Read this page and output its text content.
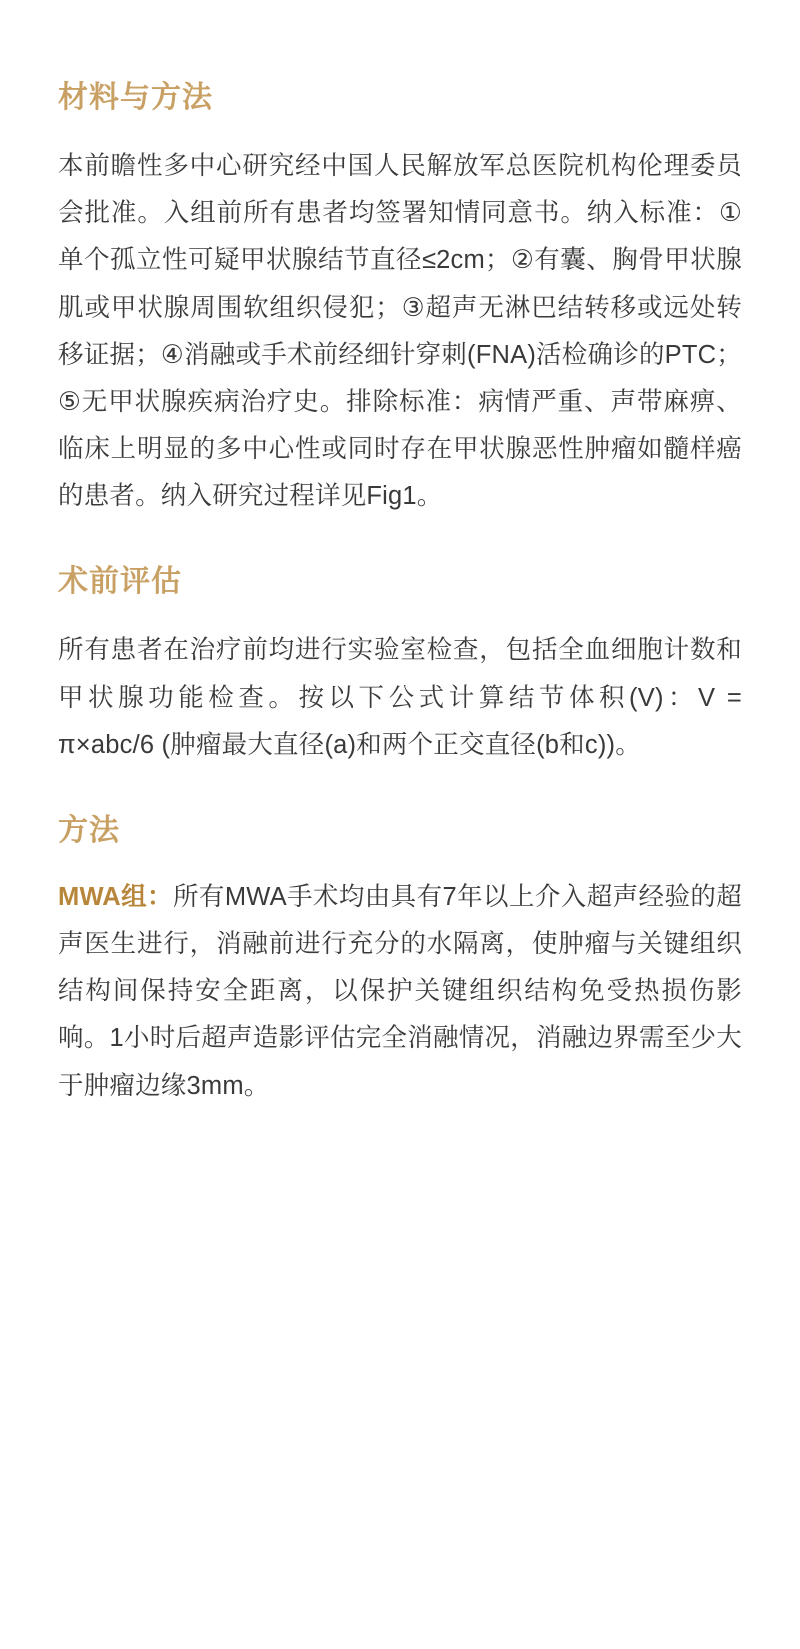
材料与方法

本前瞻性多中心研究经中国人民解放军总医院机构伦理委员会批准。入组前所有患者均签署知情同意书。纳入标准：①单个孤立性可疑甲状腺结节直径≤2cm；②有囊、胸骨甲状腺肌或甲状腺周围软组织侵犯；③超声无淋巴结转移或远处转移证据；④消融或手术前经细针穿刺(FNA)活检确诊的PTC；⑤无甲状腺疾病治疗史。排除标准：病情严重、声带麻痹、临床上明显的多中心性或同时存在甲状腺恶性肿瘤如髓样癌的患者。纳入研究过程详见Fig1。

术前评估

所有患者在治疗前均进行实验室检查，包括全血细胞计数和甲状腺功能检查。按以下公式计算结节体积(V)：V = π×abc/6 (肿瘤最大直径(a)和两个正交直径(b和c))。

方法

MWA组：所有MWA手术均由具有7年以上介入超声经验的超声医生进行，消融前进行充分的水隔离，使肿瘤与关键组织结构间保持安全距离，以保护关键组织结构免受热损伤影响。1小时后超声造影评估完全消融情况，消融边界需至少大于肿瘤边缘3mm。
